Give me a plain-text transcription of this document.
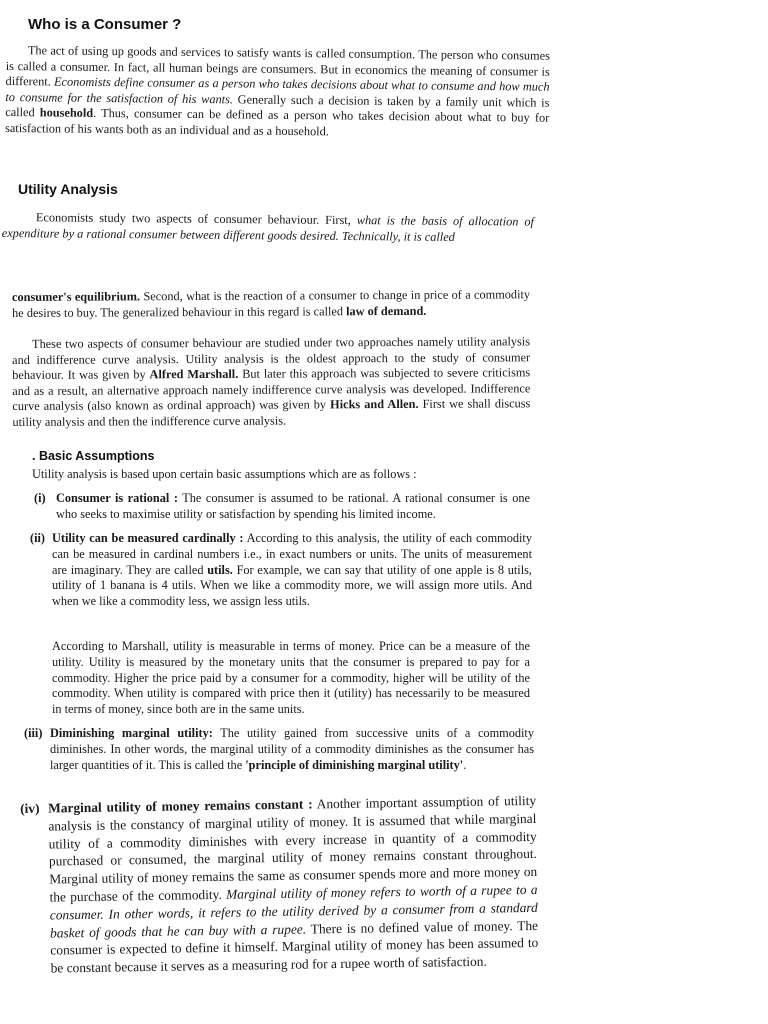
Who is a Consumer ?

The act of using up goods and services to satisfy wants is called consumption. The person who consumes is called a consumer. In fact, all human beings are consumers. But in economics the meaning of consumer is different. Economists define consumer as a person who takes decisions about what to consume and how much to consume for the satisfaction of his wants. Generally such a decision is taken by a family unit which is called household. Thus, consumer can be defined as a person who takes decision about what to buy for satisfaction of his wants both as an individual and as a household.

Utility Analysis

Economists study two aspects of consumer behaviour. First, what is the basis of allocation of expenditure by a rational consumer between different goods desired. Technically, it is called

consumer's equilibrium. Second, what is the reaction of a consumer to change in price of a commodity he desires to buy. The generalized behaviour in this regard is called law of demand.

These two aspects of consumer behaviour are studied under two approaches namely utility analysis and indifference curve analysis. Utility analysis is the oldest approach to the study of consumer behaviour. It was given by Alfred Marshall. But later this approach was subjected to severe criticisms and as a result, an alternative approach namely indifference curve analysis was developed. Indifference curve analysis (also known as ordinal approach) was given by Hicks and Allen. First we shall discuss utility analysis and then the indifference curve analysis.

. Basic Assumptions

Utility analysis is based upon certain basic assumptions which are as follows :

(i) Consumer is rational : The consumer is assumed to be rational. A rational consumer is one who seeks to maximise utility or satisfaction by spending his limited income.
(ii) Utility can be measured cardinally : According to this analysis, the utility of each commodity can be measured in cardinal numbers i.e., in exact numbers or units. The units of measurement are imaginary. They are called utils. For example, we can say that utility of one apple is 8 utils, utility of 1 banana is 4 utils. When we like a commodity more, we will assign more utils. And when we like a commodity less, we assign less utils.
According to Marshall, utility is measurable in terms of money. Price can be a measure of the utility. Utility is measured by the monetary units that the consumer is prepared to pay for a commodity. Higher the price paid by a consumer for a commodity, higher will be utility of the commodity. When utility is compared with price then it (utility) has necessarily to be measured in terms of money, since both are in the same units.
(iii) Diminishing marginal utility: The utility gained from successive units of a commodity diminishes. In other words, the marginal utility of a commodity diminishes as the consumer has larger quantities of it. This is called the 'principle of diminishing marginal utility'.
(iv) Marginal utility of money remains constant : Another important assumption of utility analysis is the constancy of marginal utility of money. It is assumed that while marginal utility of a commodity diminishes with every increase in quantity of a commodity purchased or consumed, the marginal utility of money remains constant throughout. Marginal utility of money remains the same as consumer spends more and more money on the purchase of the commodity. Marginal utility of money refers to worth of a rupee to a consumer. In other words, it refers to the utility derived by a consumer from a standard basket of goods that he can buy with a rupee. There is no defined value of money. The consumer is expected to define it himself. Marginal utility of money has been assumed to be constant because it serves as a measuring rod for a rupee worth of satisfaction.
